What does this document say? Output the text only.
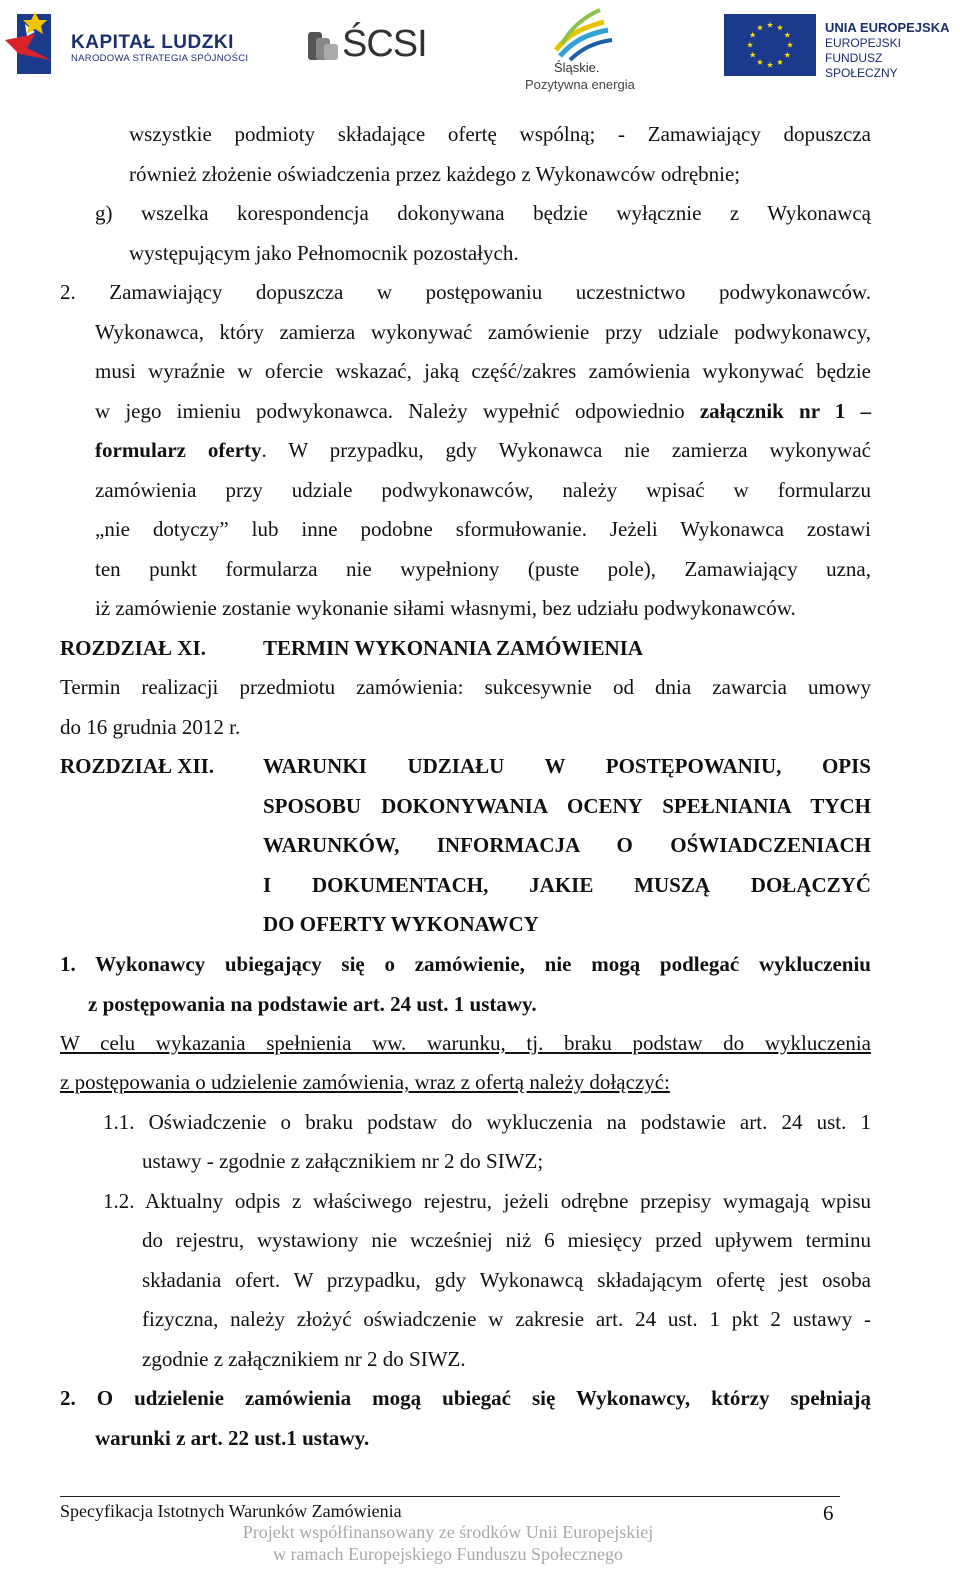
KAPITAŁ LUDZKI
NARODOWA STRATEGIA SPÓJNOŚCI ŚCSI
Śląskie.
Pozytywna energia
UNIA EUROPEJSKA
EUROPEJSKI
FUNDUSZ SPOŁECZNY
wszystkie podmioty składające ofertę wspólną; - Zamawiający dopuszcza
również złożenie oświadczenia przez każdego z Wykonawców odrębnie;
g) wszelka korespondencja dokonywana będzie wyłącznie z Wykonawcą
występującym jako Pełnomocnik pozostałych.
2. Zamawiający dopuszcza w postępowaniu uczestnictwo podwykonawców.
Wykonawca, który zamierza wykonywać zamówienie przy udziale podwykonawcy,
musi wyraźnie w ofercie wskazać, jaką część/zakres zamówienia wykonywać będzie
w jego imieniu podwykonawca. Należy wypełnić odpowiednio załącznik nr 1 –
formularz oferty. W przypadku, gdy Wykonawca nie zamierza wykonywać
zamówienia przy udziale podwykonawców, należy wpisać w formularzu
„nie dotyczy” lub inne podobne sformułowanie. Jeżeli Wykonawca zostawi
ten punkt formularza nie wypełniony (puste pole), Zamawiający uzna,
iż zamówienie zostanie wykonanie siłami własnymi, bez udziału podwykonawców.
ROZDZIAŁ XI.	TERMIN WYKONANIA ZAMÓWIENIA
Termin realizacji przedmiotu zamówienia: sukcesywnie od dnia zawarcia umowy
do 16 grudnia 2012 r.
ROZDZIAŁ XII. WARUNKI UDZIAŁU W POSTĘPOWANIU, OPIS
SPOSOBU DOKONYWANIA OCENY SPEŁNIANIA TYCH
WARUNKÓW, INFORMACJA O OŚWIADCZENIACH
I DOKUMENTACH, JAKIE MUSZĄ DOŁĄCZYĆ
DO OFERTY WYKONAWCY
1. Wykonawcy ubiegający się o zamówienie, nie mogą podlegać wykluczeniu
z postępowania na podstawie art. 24 ust. 1 ustawy.
W celu wykazania spełnienia ww. warunku, tj. braku podstaw do wykluczenia
z postępowania o udzielenie zamówienia, wraz z ofertą należy dołączyć:
1.1. Oświadczenie o braku podstaw do wykluczenia na podstawie art. 24 ust. 1
ustawy - zgodnie z załącznikiem nr 2 do SIWZ;
1.2. Aktualny odpis z właściwego rejestru, jeżeli odrębne przepisy wymagają wpisu
do rejestru, wystawiony nie wcześniej niż 6 miesięcy przed upływem terminu
składania ofert. W przypadku, gdy Wykonawcą składającym ofertę jest osoba
fizyczna, należy złożyć oświadczenie w zakresie art. 24 ust. 1 pkt 2 ustawy -
zgodnie z załącznikiem nr 2 do SIWZ.
2. O udzielenie zamówienia mogą ubiegać się Wykonawcy, którzy spełniają
warunki z art. 22 ust.1 ustawy.
Specyfikacja Istotnych Warunków Zamówienia	6
Projekt współfinansowany ze środków Unii Europejskiej
w ramach Europejskiego Funduszu Społecznego
